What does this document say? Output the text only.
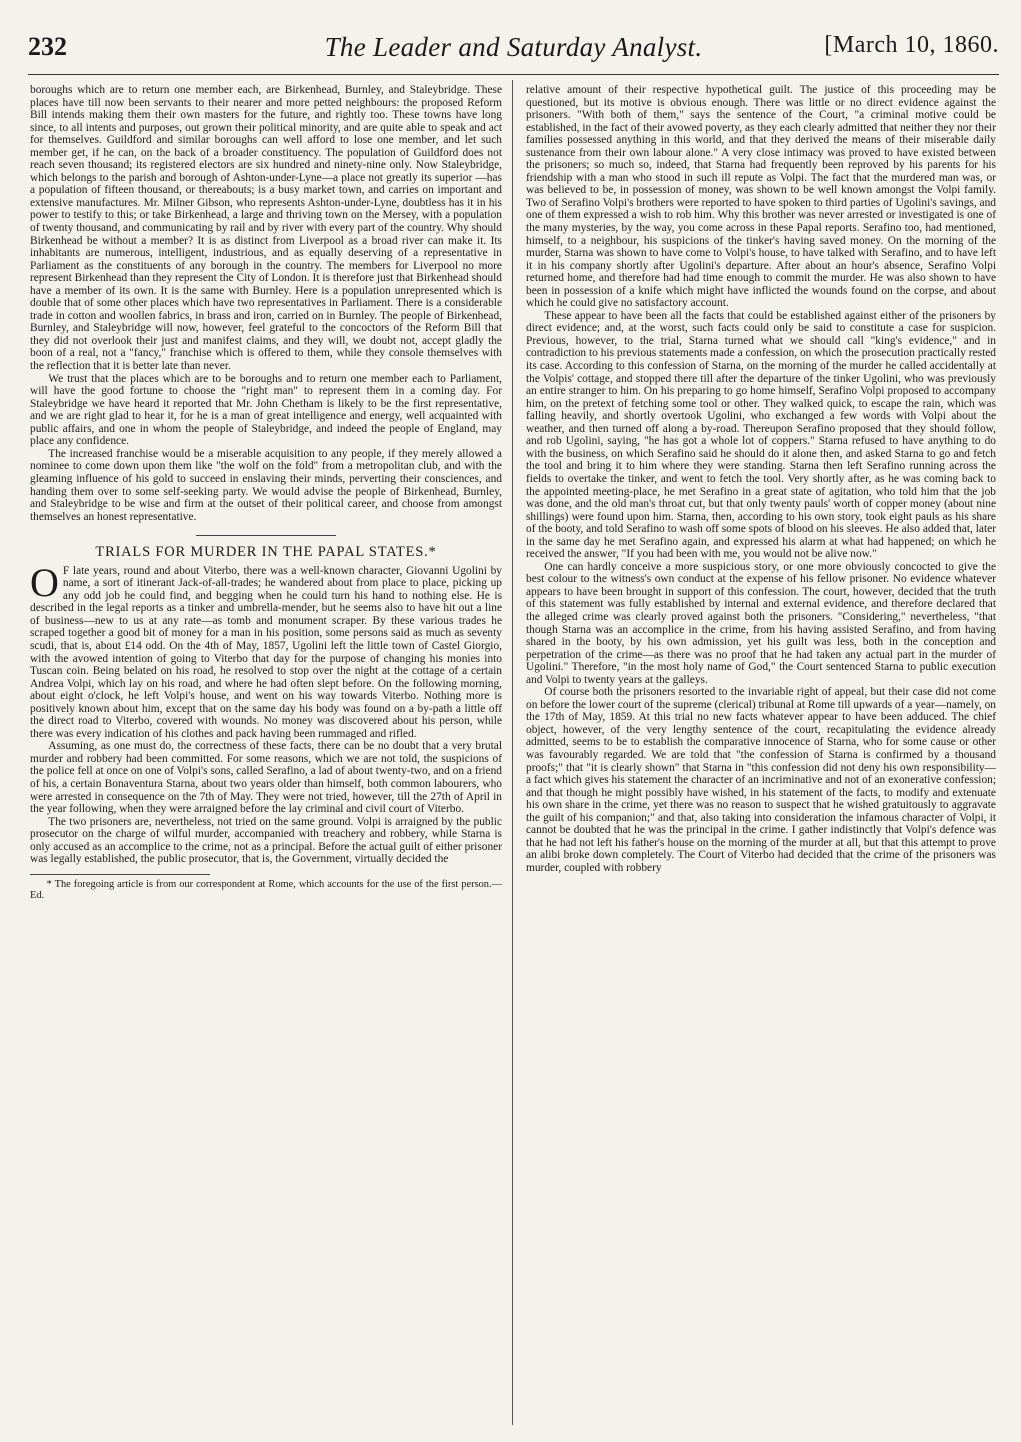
232	The Leader and Saturday Analyst.	[March 10, 1860.

boroughs which are to return one member each, are Birkenhead, Burnley, and Staleybridge. These places have till now been servants to their nearer and more petted neighbours: the proposed Reform Bill intends making them their own masters for the future, and rightly too. These towns have long since, to all intents and purposes, out grown their political minority, and are quite able to speak and act for themselves. Guildford and similar boroughs can well afford to lose one member, and let such member get, if he can, on the back of a broader constituency. The population of Guildford does not reach seven thousand; its registered electors are six hundred and ninety-nine only. Now Staleybridge, which belongs to the parish and borough of Ashton-under-Lyne—a place not greatly its superior —has a population of fifteen thousand, or thereabouts; is a busy market town, and carries on important and extensive manufactures. Mr. Milner Gibson, who represents Ashton-under-Lyne, doubtless has it in his power to testify to this; or take Birkenhead, a large and thriving town on the Mersey, with a population of twenty thousand, and communicating by rail and by river with every part of the country. Why should Birkenhead be without a member? It is as distinct from Liverpool as a broad river can make it. Its inhabitants are numerous, intelligent, industrious, and as equally deserving of a representative in Parliament as the constituents of any borough in the country. The members for Liverpool no more represent Birkenhead than they represent the City of London. It is therefore just that Birkenhead should have a member of its own. It is the same with Burnley. Here is a population unrepresented which is double that of some other places which have two representatives in Parliament. There is a considerable trade in cotton and woollen fabrics, in brass and iron, carried on in Burnley. The people of Birkenhead, Burnley, and Staleybridge will now, however, feel grateful to the concoctors of the Reform Bill that they did not overlook their just and manifest claims, and they will, we doubt not, accept gladly the boon of a real, not a "fancy," franchise which is offered to them, while they console themselves with the reflection that it is better late than never.

We trust that the places which are to be boroughs and to return one member each to Parliament, will have the good fortune to choose the "right man" to represent them in a coming day. For Staleybridge we have heard it reported that Mr. John Chetham is likely to be the first representative, and we are right glad to hear it, for he is a man of great intelligence and energy, well acquainted with public affairs, and one in whom the people of Staleybridge, and indeed the people of England, may place any confidence.

The increased franchise would be a miserable acquisition to any people, if they merely allowed a nominee to come down upon them like "the wolf on the fold" from a metropolitan club, and with the gleaming influence of his gold to succeed in enslaving their minds, perverting their consciences, and handing them over to some self-seeking party. We would advise the people of Birkenhead, Burnley, and Staleybridge to be wise and firm at the outset of their political career, and choose from amongst themselves an honest representative.

TRIALS FOR MURDER IN THE PAPAL STATES.*

O F late years, round and about Viterbo, there was a well-known character, Giovanni Ugolini by name, a sort of itinerant Jack-of-all-trades; he wandered about from place to place, picking up any odd job he could find, and begging when he could turn his hand to nothing else. He is described in the legal reports as a tinker and umbrella-mender, but he seems also to have hit out a line of business—new to us at any rate—as tomb and monument scraper. By these various trades he scraped together a good bit of money for a man in his position, some persons said as much as seventy scudi, that is, about £14 odd. On the 4th of May, 1857, Ugolini left the little town of Castel Giorgio, with the avowed intention of going to Viterbo that day for the purpose of changing his monies into Tuscan coin. Being belated on his road, he resolved to stop over the night at the cottage of a certain Andrea Volpi, which lay on his road, and where he had often slept before. On the following morning, about eight o'clock, he left Volpi's house, and went on his way towards Viterbo. Nothing more is positively known about him, except that on the same day his body was found on a by-path a little off the direct road to Viterbo, covered with wounds. No money was discovered about his person, while there was every indication of his clothes and pack having been rummaged and rifled.

Assuming, as one must do, the correctness of these facts, there can be no doubt that a very brutal murder and robbery had been committed. For some reasons, which we are not told, the suspicions of the police fell at once on one of Volpi's sons, called Serafino, a lad of about twenty-two, and on a friend of his, a certain Bonaventura Starna, about two years older than himself, both common labourers, who were arrested in consequence on the 7th of May. They were not tried, however, till the 27th of April in the year following, when they were arraigned before the lay criminal and civil court of Viterbo.

The two prisoners are, nevertheless, not tried on the same ground. Volpi is arraigned by the public prosecutor on the charge of wilful murder, accompanied with treachery and robbery, while Starna is only accused as an accomplice to the crime, not as a principal. Before the actual guilt of either prisoner was legally established, the public prosecutor, that is, the Government, virtually decided the

* The foregoing article is from our correspondent at Rome, which accounts for the use of the first person.—Ed.

relative amount of their respective hypothetical guilt. The justice of this proceeding may be questioned, but its motive is obvious enough. There was little or no direct evidence against the prisoners. "With both of them," says the sentence of the Court, "a criminal motive could be established, in the fact of their avowed poverty, as they each clearly admitted that neither they nor their families possessed anything in this world, and that they derived the means of their miserable daily sustenance from their own labour alone." A very close intimacy was proved to have existed between the prisoners; so much so, indeed, that Starna had frequently been reproved by his parents for his friendship with a man who stood in such ill repute as Volpi. The fact that the murdered man was, or was believed to be, in possession of money, was shown to be well known amongst the Volpi family. Two of Serafino Volpi's brothers were reported to have spoken to third parties of Ugolini's savings, and one of them expressed a wish to rob him. Why this brother was never arrested or investigated is one of the many mysteries, by the way, you come across in these Papal reports. Serafino too, had mentioned, himself, to a neighbour, his suspicions of the tinker's having saved money. On the morning of the murder, Starna was shown to have come to Volpi's house, to have talked with Serafino, and to have left it in his company shortly after Ugolini's departure. After about an hour's absence, Serafino Volpi returned home, and therefore had had time enough to commit the murder. He was also shown to have been in possession of a knife which might have inflicted the wounds found on the corpse, and about which he could give no satisfactory account.

These appear to have been all the facts that could be established against either of the prisoners by direct evidence; and, at the worst, such facts could only be said to constitute a case for suspicion. Previous, however, to the trial, Starna turned what we should call "king's evidence," and in contradiction to his previous statements made a confession, on which the prosecution practically rested its case. According to this confession of Starna, on the morning of the murder he called accidentally at the Volpis' cottage, and stopped there till after the departure of the tinker Ugolini, who was previously an entire stranger to him. On his preparing to go home himself, Serafino Volpi proposed to accompany him, on the pretext of fetching some tool or other. They walked quick, to escape the rain, which was falling heavily, and shortly overtook Ugolini, who exchanged a few words with Volpi about the weather, and then turned off along a by-road. Thereupon Serafino proposed that they should follow, and rob Ugolini, saying, "he has got a whole lot of coppers." Starna refused to have anything to do with the business, on which Serafino said he should do it alone then, and asked Starna to go and fetch the tool and bring it to him where they were standing. Starna then left Serafino running across the fields to overtake the tinker, and went to fetch the tool. Very shortly after, as he was coming back to the appointed meeting-place, he met Serafino in a great state of agitation, who told him that the job was done, and the old man's throat cut, but that only twenty pauls' worth of copper money (about nine shillings) were found upon him. Starna, then, according to his own story, took eight pauls as his share of the booty, and told Serafino to wash off some spots of blood on his sleeves. He also added that, later in the same day he met Serafino again, and expressed his alarm at what had happened; on which he received the answer, "If you had been with me, you would not be alive now."

One can hardly conceive a more suspicious story, or one more obviously concocted to give the best colour to the witness's own conduct at the expense of his fellow prisoner. No evidence whatever appears to have been brought in support of this confession. The court, however, decided that the truth of this statement was fully established by internal and external evidence, and therefore declared that the alleged crime was clearly proved against both the prisoners. "Considering," nevertheless, "that though Starna was an accomplice in the crime, from his having assisted Serafino, and from having shared in the booty, by his own admission, yet his guilt was less, both in the conception and perpetration of the crime—as there was no proof that he had taken any actual part in the murder of Ugolini." Therefore, "in the most holy name of God," the Court sentenced Starna to public execution and Volpi to twenty years at the galleys.

Of course both the prisoners resorted to the invariable right of appeal, but their case did not come on before the lower court of the supreme (clerical) tribunal at Rome till upwards of a year—namely, on the 17th of May, 1859. At this trial no new facts whatever appear to have been adduced. The chief object, however, of the very lengthy sentence of the court, recapitulating the evidence already admitted, seems to be to establish the comparative innocence of Starna, who for some cause or other was favourably regarded. We are told that "the confession of Starna is confirmed by a thousand proofs;" that "it is clearly shown" that Starna in "this confession did not deny his own responsibility—a fact which gives his statement the character of an incriminative and not of an exonerative confession; and that though he might possibly have wished, in his statement of the facts, to modify and extenuate his own share in the crime, yet there was no reason to suspect that he wished gratuitously to aggravate the guilt of his companion;" and that, also taking into consideration the infamous character of Volpi, it cannot be doubted that he was the principal in the crime. I gather indistinctly that Volpi's defence was that he had not left his father's house on the morning of the murder at all, but that this attempt to prove an alibi broke down completely. The Court of Viterbo had decided that the crime of the prisoners was murder, coupled with robbery
